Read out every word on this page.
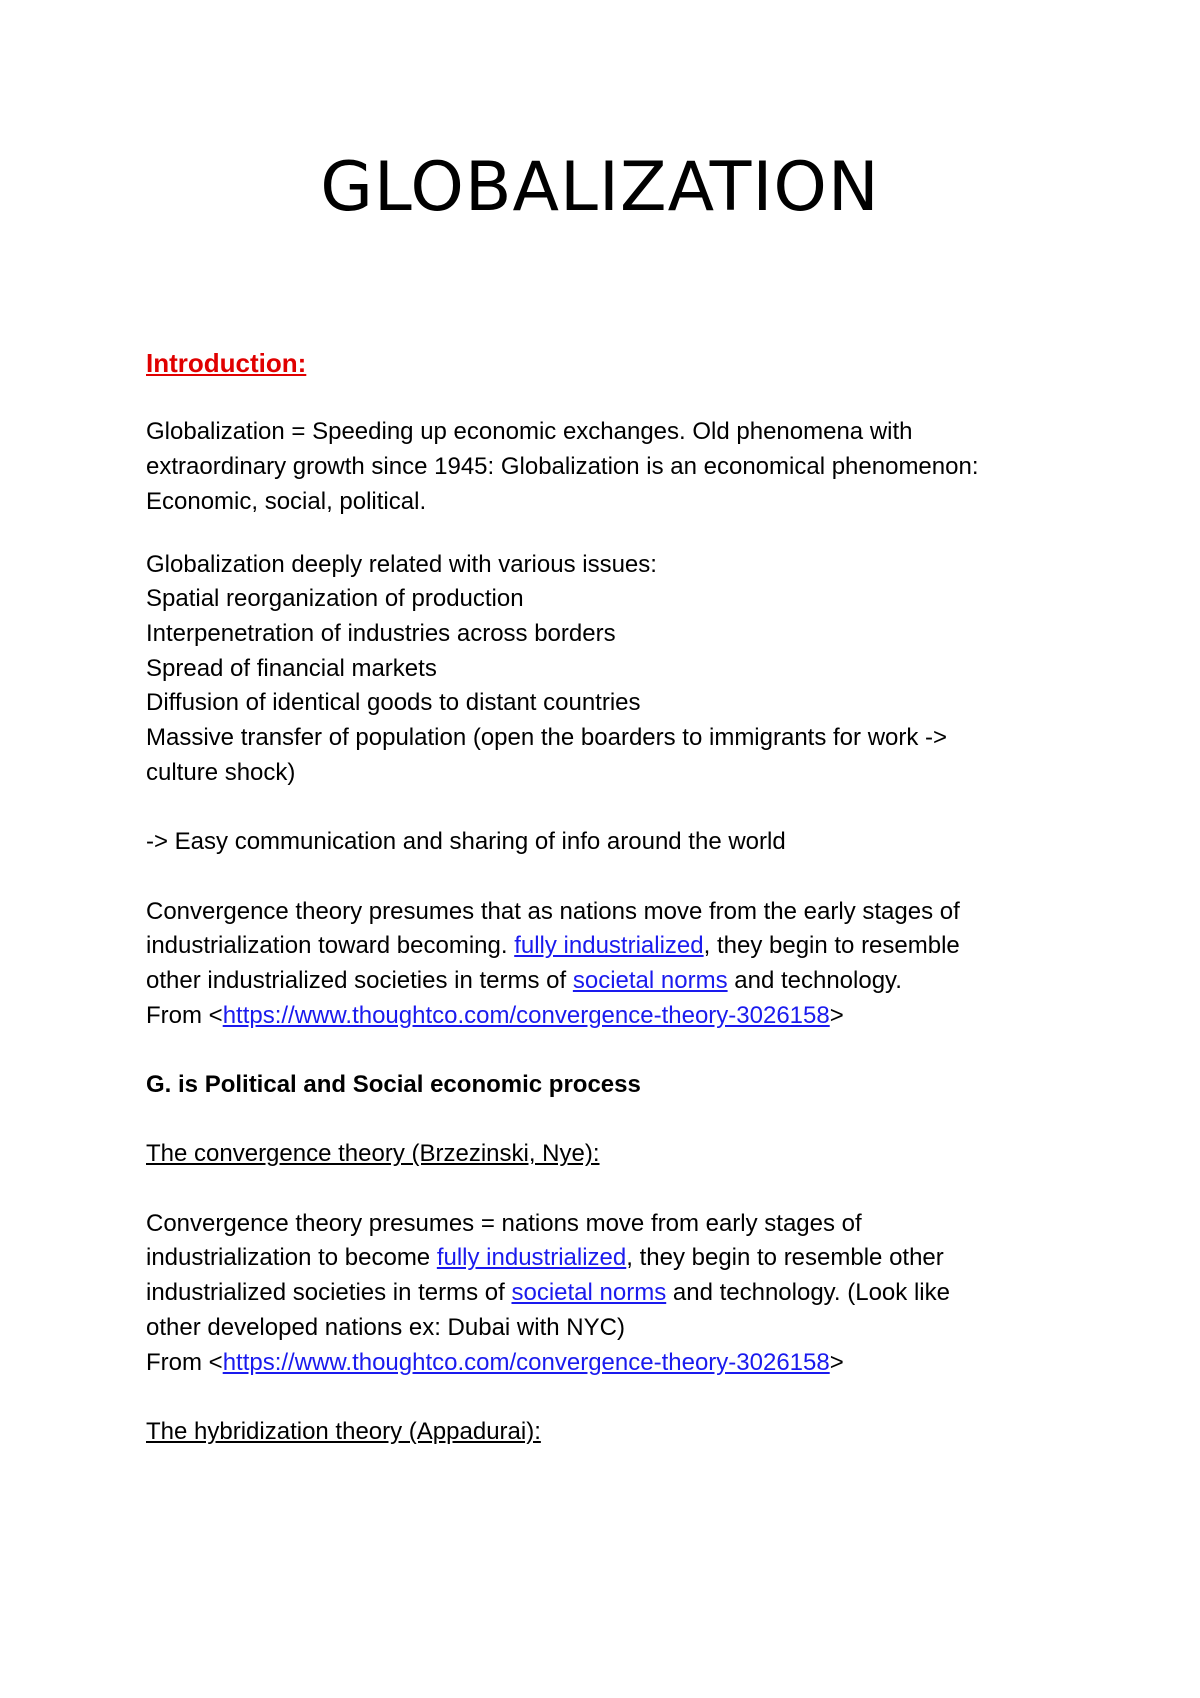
GLOBALIZATION
Introduction:
Globalization = Speeding up economic exchanges. Old phenomena with
extraordinary growth since 1945: Globalization is an economical phenomenon:
Economic, social, political.
Globalization deeply related with various issues:
Spatial reorganization of production
Interpenetration of industries across borders
Spread of financial markets
Diffusion of identical goods to distant countries
Massive transfer of population (open the boarders to immigrants for work ->
culture shock)
-> Easy communication and sharing of info around the world
Convergence theory presumes that as nations move from the early stages of
industrialization toward becoming. fully industrialized, they begin to resemble
other industrialized societies in terms of societal norms and technology.
From <https://www.thoughtco.com/convergence-theory-3026158>
G. is Political and Social economic process
The convergence theory (Brzezinski, Nye):
Convergence theory presumes = nations move from early stages of
industrialization to become fully industrialized, they begin to resemble other
industrialized societies in terms of societal norms and technology. (Look like
other developed nations ex: Dubai with NYC)
From <https://www.thoughtco.com/convergence-theory-3026158>
The hybridization theory (Appadurai):
